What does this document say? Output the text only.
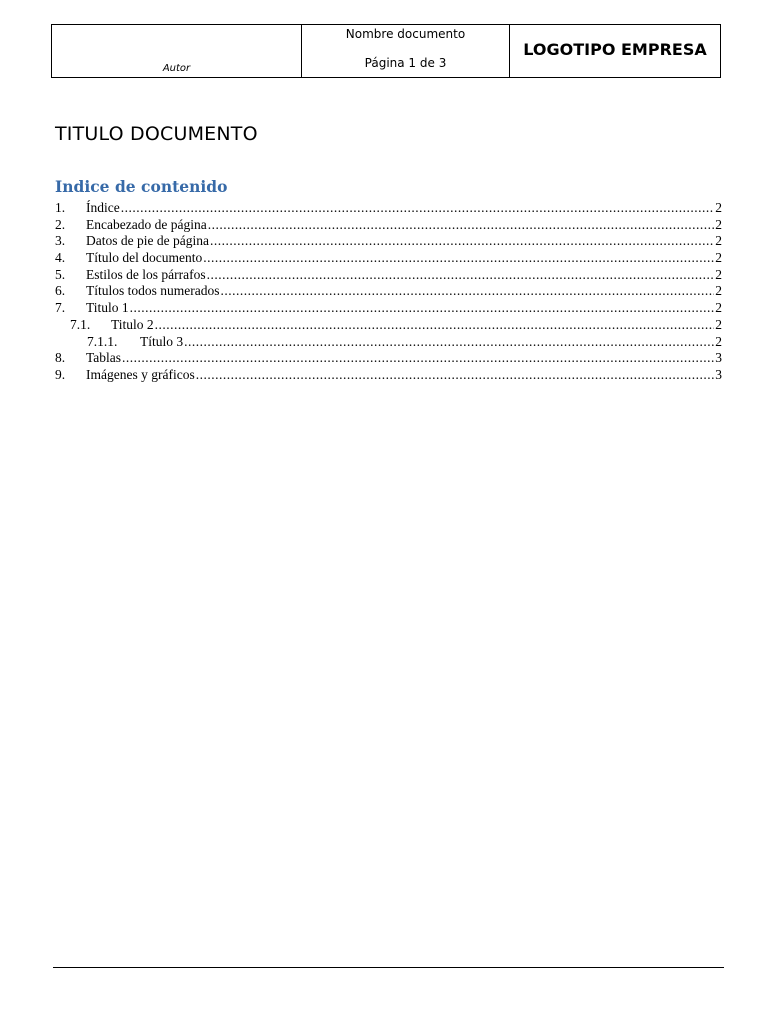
Autor

Nombre documento
Página 1 de 3

LOGOTIPO EMPRESA
TITULO DOCUMENTO
Indice de contenido
1.	Índice .....	2
2.	Encabezado de página .....	2
3.	Datos de pie de página .....	2
4.	Título del documento .....	2
5.	Estilos de los párrafos .....	2
6.	Títulos todos numerados .....	2
7.	Titulo 1 .....	2
7.1.	Titulo 2 .....	2
7.1.1.	Título 3 .....	2
8.	Tablas .....	3
9.	Imágenes y gráficos .....	3
